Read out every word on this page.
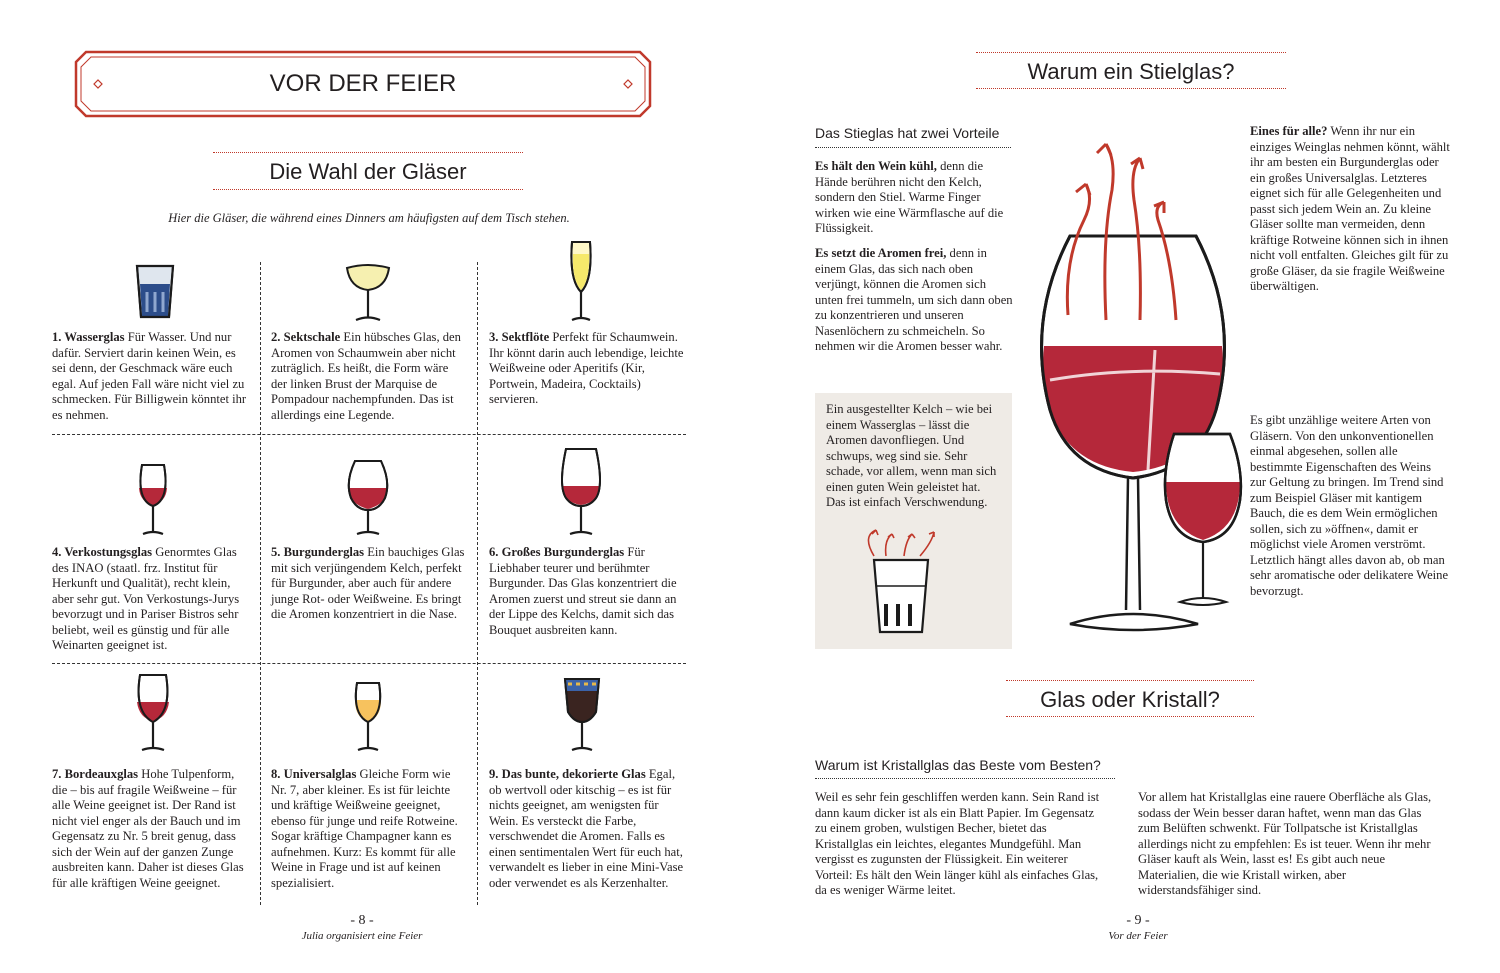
VOR DER FEIER
Die Wahl der Gläser
Hier die Gläser, die während eines Dinners am häufigsten auf dem Tisch stehen.

1. Wasserglas Für Wasser. Und nur dafür. Serviert darin keinen Wein, es sei denn, der Geschmack wäre euch egal. Auf jeden Fall wäre nicht viel zu schmecken. Für Billigwein könntet ihr es nehmen.

2. Sektschale Ein hübsches Glas, den Aromen von Schaumwein aber nicht zuträglich. Es heißt, die Form wäre der linken Brust der Marquise de Pompadour nachempfunden. Das ist allerdings eine Legende.

3. Sektflöte Perfekt für Schaumwein. Ihr könnt darin auch lebendige, leichte Weißweine oder Aperitifs (Kir, Portwein, Madeira, Cocktails) servieren.

4. Verkostungsglas Genormtes Glas des INAO (staatl. frz. Institut für Herkunft und Qualität), recht klein, aber sehr gut. Von Verkostungs-Jurys bevorzugt und in Pariser Bistros sehr beliebt, weil es günstig und für alle Weinarten geeignet ist.

5. Burgunderglas Ein bauchiges Glas mit sich verjüngendem Kelch, perfekt für Burgunder, aber auch für andere junge Rot- oder Weißweine. Es bringt die Aromen konzentriert in die Nase.

6. Großes Burgunderglas Für Liebhaber teurer und berühmter Burgunder. Das Glas konzentriert die Aromen zuerst und streut sie dann an der Lippe des Kelchs, damit sich das Bouquet ausbreiten kann.

7. Bordeauxglas Hohe Tulpenform, die – bis auf fragile Weißweine – für alle Weine geeignet ist. Der Rand ist nicht viel enger als der Bauch und im Gegensatz zu Nr. 5 breit genug, dass sich der Wein auf der ganzen Zunge ausbreiten kann. Daher ist dieses Glas für alle kräftigen Weine geeignet.

8. Universalglas Gleiche Form wie Nr. 7, aber kleiner. Es ist für leichte und kräftige Weißweine geeignet, ebenso für junge und reife Rotweine. Sogar kräftige Champagner kann es aufnehmen. Kurz: Es kommt für alle Weine in Frage und ist auf keinen spezialisiert.

9. Das bunte, dekorierte Glas Egal, ob wertvoll oder kitschig – es ist für nichts geeignet, am wenigsten für Wein. Es versteckt die Farbe, verschwendet die Aromen. Falls es einen sentimentalen Wert für euch hat, verwandelt es lieber in eine Mini-Vase oder verwendet es als Kerzenhalter.

- 8 -
Julia organisiert eine Feier
Warum ein Stielglas?
Das Stieglas hat zwei Vorteile
Es hält den Wein kühl, denn die Hände berühren nicht den Kelch, sondern den Stiel. Warme Finger wirken wie eine Wärmflasche auf die Flüssigkeit.
Es setzt die Aromen frei, denn in einem Glas, das sich nach oben verjüngt, können die Aromen sich unten frei tummeln, um sich dann oben zu konzentrieren und unseren Nasenlöchern zu schmeicheln. So nehmen wir die Aromen besser wahr.
Ein ausgestellter Kelch – wie bei einem Wasserglas – lässt die Aromen davonfliegen. Und schwups, weg sind sie. Sehr schade, vor allem, wenn man sich einen guten Wein geleistet hat. Das ist einfach Verschwendung.
Eines für alle? Wenn ihr nur ein einziges Weinglas nehmen könnt, wählt ihr am besten ein Burgunderglas oder ein großes Universalglas. Letzteres eignet sich für alle Gelegenheiten und passt sich jedem Wein an. Zu kleine Gläser sollte man vermeiden, denn kräftige Rotweine können sich in ihnen nicht voll entfalten. Gleiches gilt für zu große Gläser, da sie fragile Weißweine überwältigen.
Es gibt unzählige weitere Arten von Gläsern. Von den unkonventionellen einmal abgesehen, sollen alle bestimmte Eigenschaften des Weins zur Geltung zu bringen. Im Trend sind zum Beispiel Gläser mit kantigem Bauch, die es dem Wein ermöglichen sollen, sich zu »öffnen«, damit er möglichst viele Aromen verströmt. Letztlich hängt alles davon ab, ob man sehr aromatische oder delikatere Weine bevorzugt.
Glas oder Kristall?
Warum ist Kristallglas das Beste vom Besten?
Weil es sehr fein geschliffen werden kann. Sein Rand ist dann kaum dicker ist als ein Blatt Papier. Im Gegensatz zu einem groben, wulstigen Becher, bietet das Kristallglas ein leichtes, elegantes Mundgefühl. Man vergisst es zugunsten der Flüssigkeit. Ein weiterer Vorteil: Es hält den Wein länger kühl als einfaches Glas, da es weniger Wärme leitet.
Vor allem hat Kristallglas eine rauere Oberfläche als Glas, sodass der Wein besser daran haftet, wenn man das Glas zum Belüften schwenkt. Für Tollpatsche ist Kristallglas allerdings nicht zu empfehlen: Es ist teuer. Wenn ihr mehr Gläser kauft als Wein, lasst es! Es gibt auch neue Materialien, die wie Kristall wirken, aber widerstandsfähiger sind.
- 9 -
Vor der Feier
